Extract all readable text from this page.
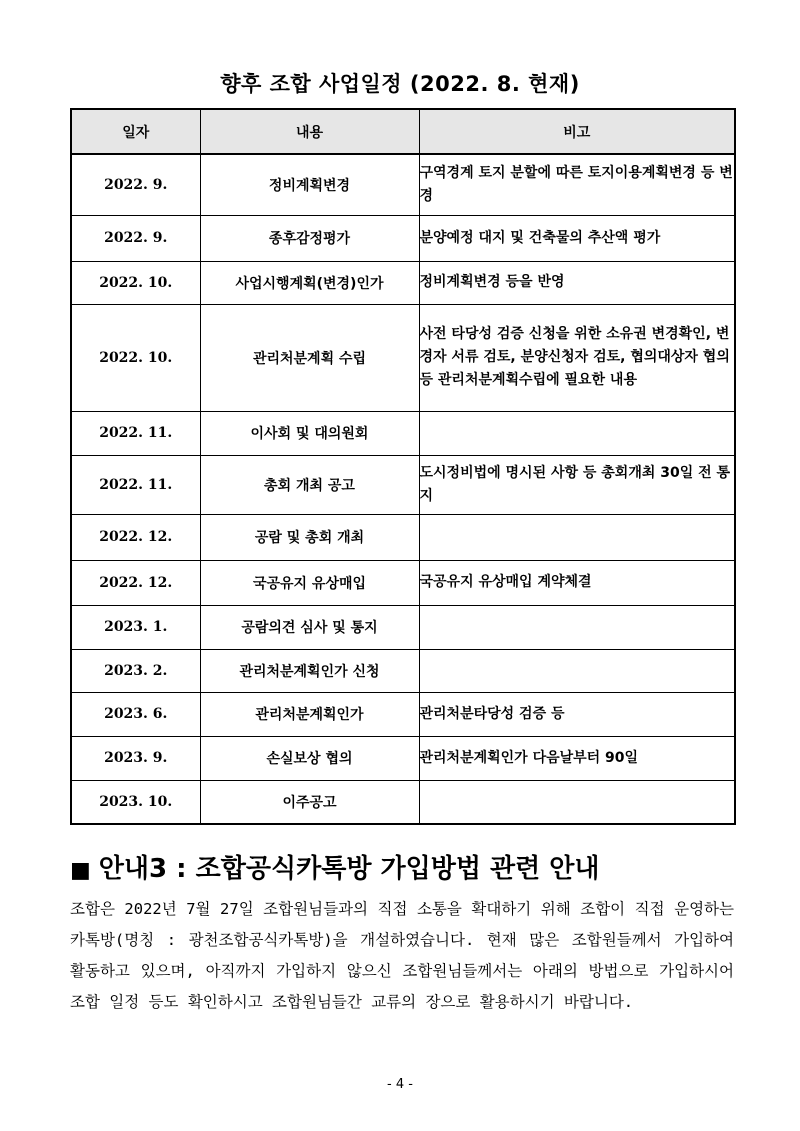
향후 조합 사업일정 (2022. 8. 현재)
일자	내용	비고
2022. 9.	정비계획변경	구역경계 토지 분할에 따른 토지이용계획변경 등 변경
2022. 9.	종후감정평가	분양예정 대지 및 건축물의 추산액 평가
2022. 10.	사업시행계획(변경)인가	정비계획변경 등을 반영
2022. 10.	관리처분계획 수립	사전 타당성 검증 신청을 위한 소유권 변경확인, 변경자 서류 검토, 분양신청자 검토, 협의대상자 협의 등 관리처분계획수립에 필요한 내용
2022. 11.	이사회 및 대의원회	
2022. 11.	총회 개최 공고	도시정비법에 명시된 사항 등 총회개최 30일 전 통지
2022. 12.	공람 및 총회 개최	
2022. 12.	국공유지 유상매입	국공유지 유상매입 계약체결
2023. 1.	공람의견 심사 및 통지	
2023. 2.	관리처분계획인가 신청	
2023. 6.	관리처분계획인가	관리처분타당성 검증 등
2023. 9.	손실보상 협의	관리처분계획인가 다음날부터 90일
2023. 10.	이주공고	
■ 안내3 : 조합공식카톡방 가입방법 관련 안내
조합은 2022년 7월 27일 조합원님들과의 직접 소통을 확대하기 위해 조합이 직접 운영하는 카톡방(명칭 : 광천조합공식카톡방)을 개설하였습니다. 현재 많은 조합원들께서 가입하여 활동하고 있으며, 아직까지 가입하지 않으신 조합원님들께서는 아래의 방법으로 가입하시어 조합 일정 등도 확인하시고 조합원님들간 교류의 장으로 활용하시기 바랍니다.
- 4 -
